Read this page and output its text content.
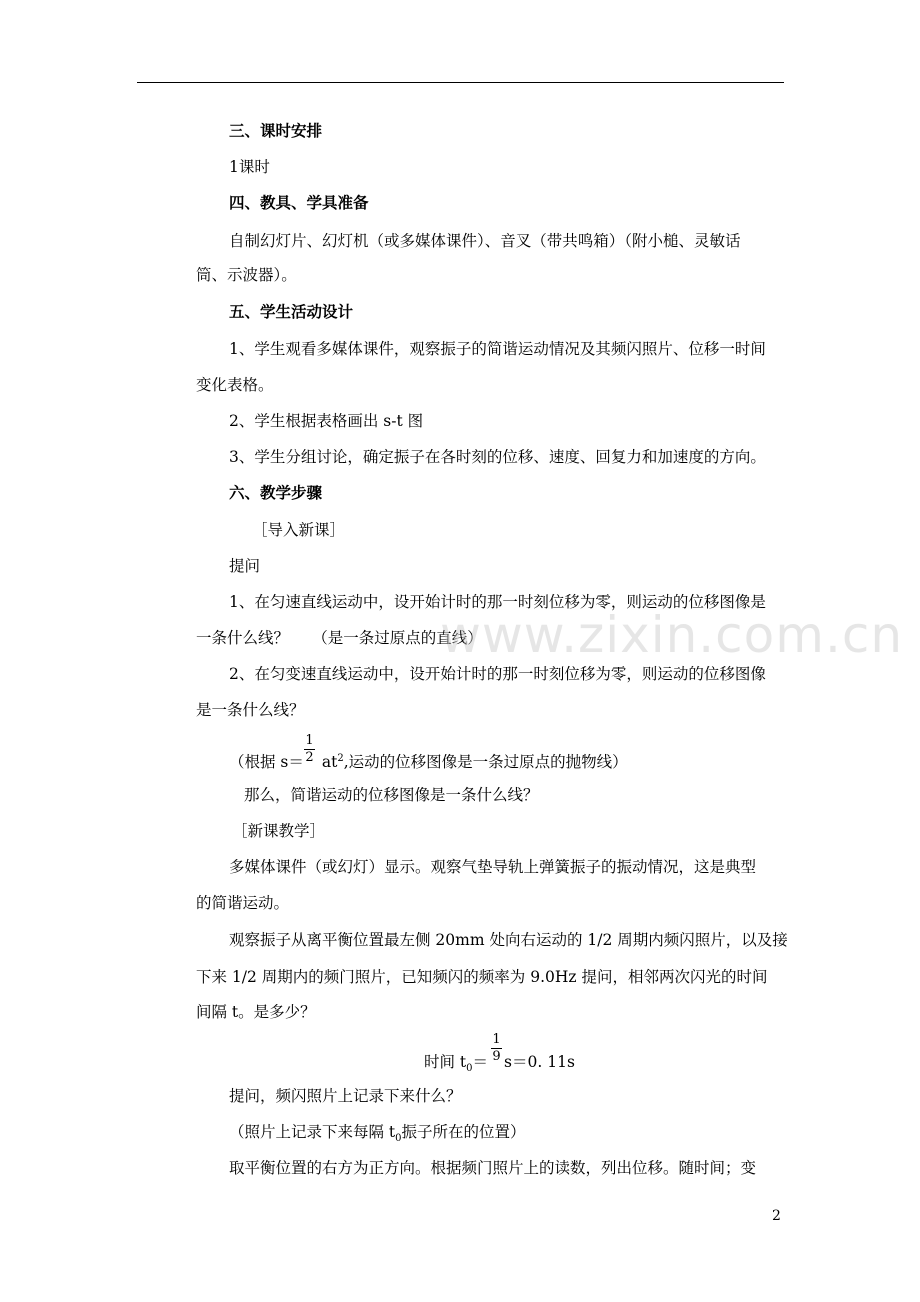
三、课时安排
1课时
四、教具、学具准备
自制幻灯片、幻灯机（或多媒体课件）、音叉（带共鸣箱）（附小槌、灵敏话
筒、示波器）。
五、学生活动设计
1、学生观看多媒体课件，观察振子的简谐运动情况及其频闪照片、位移一时间
变化表格。
2、学生根据表格画出 s-t 图
3、学生分组讨论，确定振子在各时刻的位移、速度、回复力和加速度的方向。
六、教学步骤
［导入新课］
提问
1、在匀速直线运动中，设开始计时的那一时刻位移为零，则运动的位移图像是
一条什么线？　　（是一条过原点的直线）
2、在匀变速直线运动中，设开始计时的那一时刻位移为零，则运动的位移图像
是一条什么线？
（根据 $s= at^2$,运动的位移图像是一条过原点的抛物线）
1
2
那么，简谐运动的位移图像是一条什么线？
［新课教学］
多媒体课件（或幻灯）显示。观察气垫导轨上弹簧振子的振动情况，这是典型
的简谐运动。
观察振子从离平衡位置最左侧 20mm 处向右运动的 1/2 周期内频闪照片，以及接
下来 1/2 周期内的频门照片，已知频闪的频率为 9.0Hz 提问，相邻两次闪光的时间
间隔 t。是多少？
时间 $t_0= s=0$. 11s
1
9
提问，频闪照片上记录下来什么？
（照片上记录下来每隔 $t_0$振子所在的位置）
取平衡位置的右方为正方向。根据频门照片上的读数，列出位移。随时间；变
www.zixin.com.cn
2
